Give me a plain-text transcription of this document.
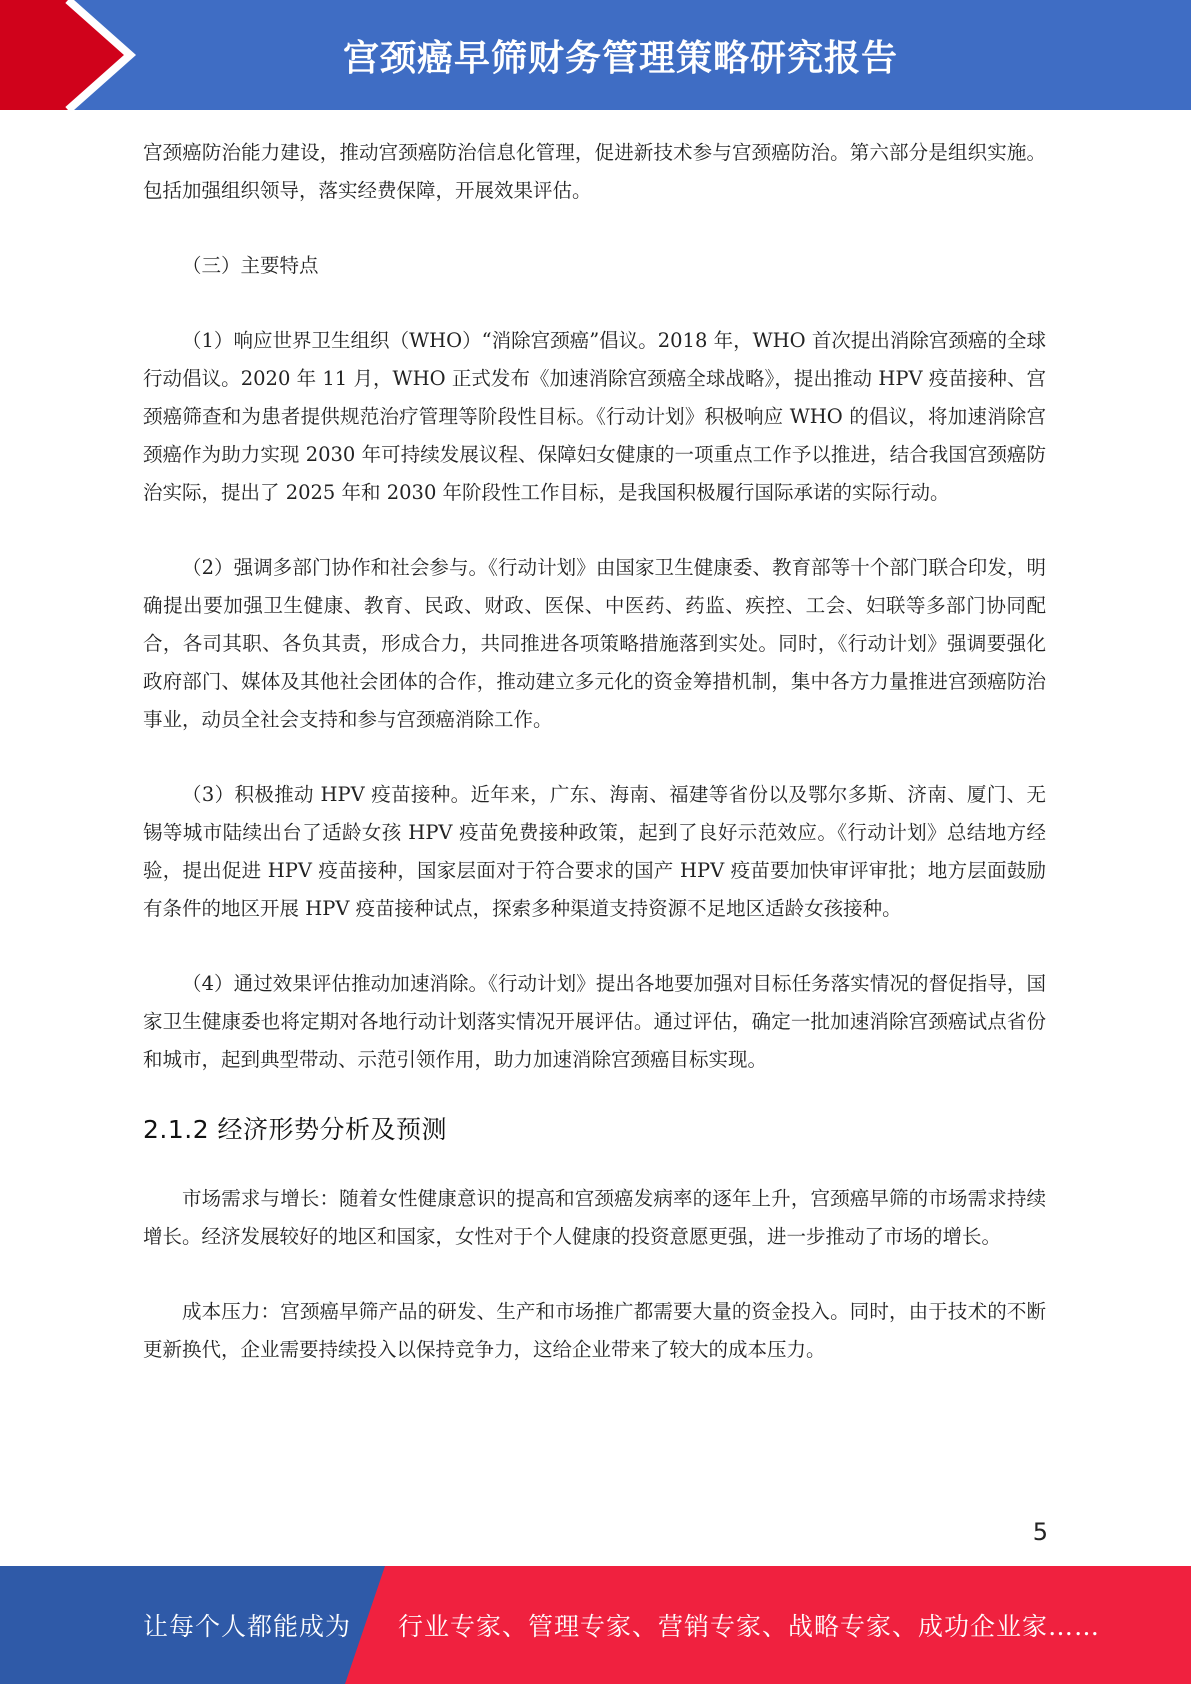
宫颈癌早筛财务管理策略研究报告

宫颈癌防治能力建设，推动宫颈癌防治信息化管理，促进新技术参与宫颈癌防治。第六部分是组织实施。包括加强组织领导，落实经费保障，开展效果评估。

（三）主要特点

（1）响应世界卫生组织（WHO）“消除宫颈癌”倡议。2018 年，WHO 首次提出消除宫颈癌的全球行动倡议。2020 年 11 月，WHO 正式发布《加速消除宫颈癌全球战略》，提出推动 HPV 疫苗接种、宫颈癌筛查和为患者提供规范治疗管理等阶段性目标。《行动计划》积极响应 WHO 的倡议，将加速消除宫颈癌作为助力实现 2030 年可持续发展议程、保障妇女健康的一项重点工作予以推进，结合我国宫颈癌防治实际，提出了 2025 年和 2030 年阶段性工作目标，是我国积极履行国际承诺的实际行动。

（2）强调多部门协作和社会参与。《行动计划》由国家卫生健康委、教育部等十个部门联合印发，明确提出要加强卫生健康、教育、民政、财政、医保、中医药、药监、疾控、工会、妇联等多部门协同配合，各司其职、各负其责，形成合力，共同推进各项策略措施落到实处。同时，《行动计划》强调要强化政府部门、媒体及其他社会团体的合作，推动建立多元化的资金筹措机制，集中各方力量推进宫颈癌防治事业，动员全社会支持和参与宫颈癌消除工作。

（3）积极推动 HPV 疫苗接种。近年来，广东、海南、福建等省份以及鄂尔多斯、济南、厦门、无锡等城市陆续出台了适龄女孩 HPV 疫苗免费接种政策，起到了良好示范效应。《行动计划》总结地方经验，提出促进 HPV 疫苗接种，国家层面对于符合要求的国产 HPV 疫苗要加快审评审批；地方层面鼓励有条件的地区开展 HPV 疫苗接种试点，探索多种渠道支持资源不足地区适龄女孩接种。

（4）通过效果评估推动加速消除。《行动计划》提出各地要加强对目标任务落实情况的督促指导，国家卫生健康委也将定期对各地行动计划落实情况开展评估。通过评估，确定一批加速消除宫颈癌试点省份和城市，起到典型带动、示范引领作用，助力加速消除宫颈癌目标实现。

2.1.2 经济形势分析及预测

市场需求与增长：随着女性健康意识的提高和宫颈癌发病率的逐年上升，宫颈癌早筛的市场需求持续增长。经济发展较好的地区和国家，女性对于个人健康的投资意愿更强，进一步推动了市场的增长。

成本压力：宫颈癌早筛产品的研发、生产和市场推广都需要大量的资金投入。同时，由于技术的不断更新换代，企业需要持续投入以保持竞争力，这给企业带来了较大的成本压力。

5
让每个人都能成为 行业专家、管理专家、营销专家、战略专家、成功企业家……
